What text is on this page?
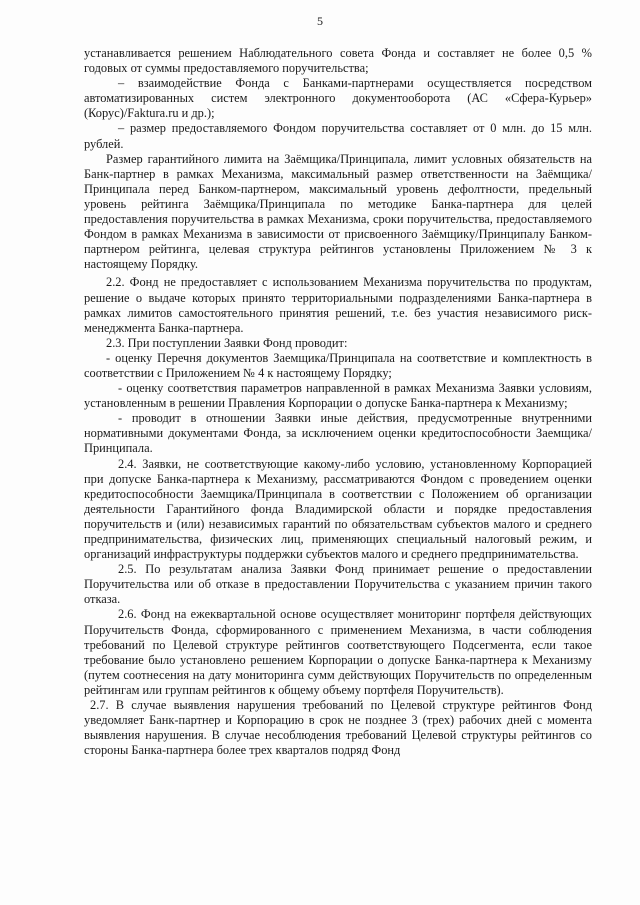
5

устанавливается решением Наблюдательного совета Фонда и составляет не более 0,5 % годовых от суммы предоставляемого поручительства;

– взаимодействие Фонда с Банками-партнерами осуществляется посредством автоматизированных систем электронного документооборота (АС «Сфера-Курьер» (Корус)/Faktura.ru и др.);

– размер предоставляемого Фондом поручительства составляет от 0 млн. до 15 млн. рублей.

Размер гарантийного лимита на Заёмщика/Принципала, лимит условных обязательств на Банк-партнер в рамках Механизма, максимальный размер ответственности на Заёмщика/Принципала перед Банком-партнером, максимальный уровень дефолтности, предельный уровень рейтинга Заёмщика/Принципала по методике Банка-партнера для целей предоставления поручительства в рамках Механизма, сроки поручительства, предоставляемого Фондом в рамках Механизма в зависимости от присвоенного Заёмщику/Принципалу Банком-партнером рейтинга, целевая структура рейтингов установлены Приложением № 3 к настоящему Порядку.

2.2. Фонд не предоставляет с использованием Механизма поручительства по продуктам, решение о выдаче которых принято территориальными подразделениями Банка-партнера в рамках лимитов самостоятельного принятия решений, т.е. без участия независимого риск-менеджмента Банка-партнера.

2.3. При поступлении Заявки Фонд проводит:

- оценку Перечня документов Заемщика/Принципала на соответствие и комплектность в соответствии с Приложением № 4 к настоящему Порядку;

- оценку соответствия параметров направленной в рамках Механизма Заявки условиям, установленным в решении Правления Корпорации о допуске Банка-партнера к Механизму;

- проводит в отношении Заявки иные действия, предусмотренные внутренними нормативными документами Фонда, за исключением оценки кредитоспособности Заемщика/Принципала.

2.4. Заявки, не соответствующие какому-либо условию, установленному Корпорацией при допуске Банка-партнера к Механизму, рассматриваются Фондом с проведением оценки кредитоспособности Заемщика/Принципала в соответствии с Положением об организации деятельности Гарантийного фонда Владимирской области и порядке предоставления поручительств и (или) независимых гарантий по обязательствам субъектов малого и среднего предпринимательства, физических лиц, применяющих специальный налоговый режим, и организаций инфраструктуры поддержки субъектов малого и среднего предпринимательства.

2.5. По результатам анализа Заявки Фонд принимает решение о предоставлении Поручительства или об отказе в предоставлении Поручительства с указанием причин такого отказа.

2.6. Фонд на ежеквартальной основе осуществляет мониторинг портфеля действующих Поручительств Фонда, сформированного с применением Механизма, в части соблюдения требований по Целевой структуре рейтингов соответствующего Подсегмента, если такое требование было установлено решением Корпорации о допуске Банка-партнера к Механизму (путем соотнесения на дату мониторинга сумм действующих Поручительств по определенным рейтингам или группам рейтингов к общему объему портфеля Поручительств).

2.7. В случае выявления нарушения требований по Целевой структуре рейтингов Фонд уведомляет Банк-партнер и Корпорацию в срок не позднее 3 (трех) рабочих дней с момента выявления нарушения. В случае несоблюдения требований Целевой структуры рейтингов со стороны Банка-партнера более трех кварталов подряд Фонд
